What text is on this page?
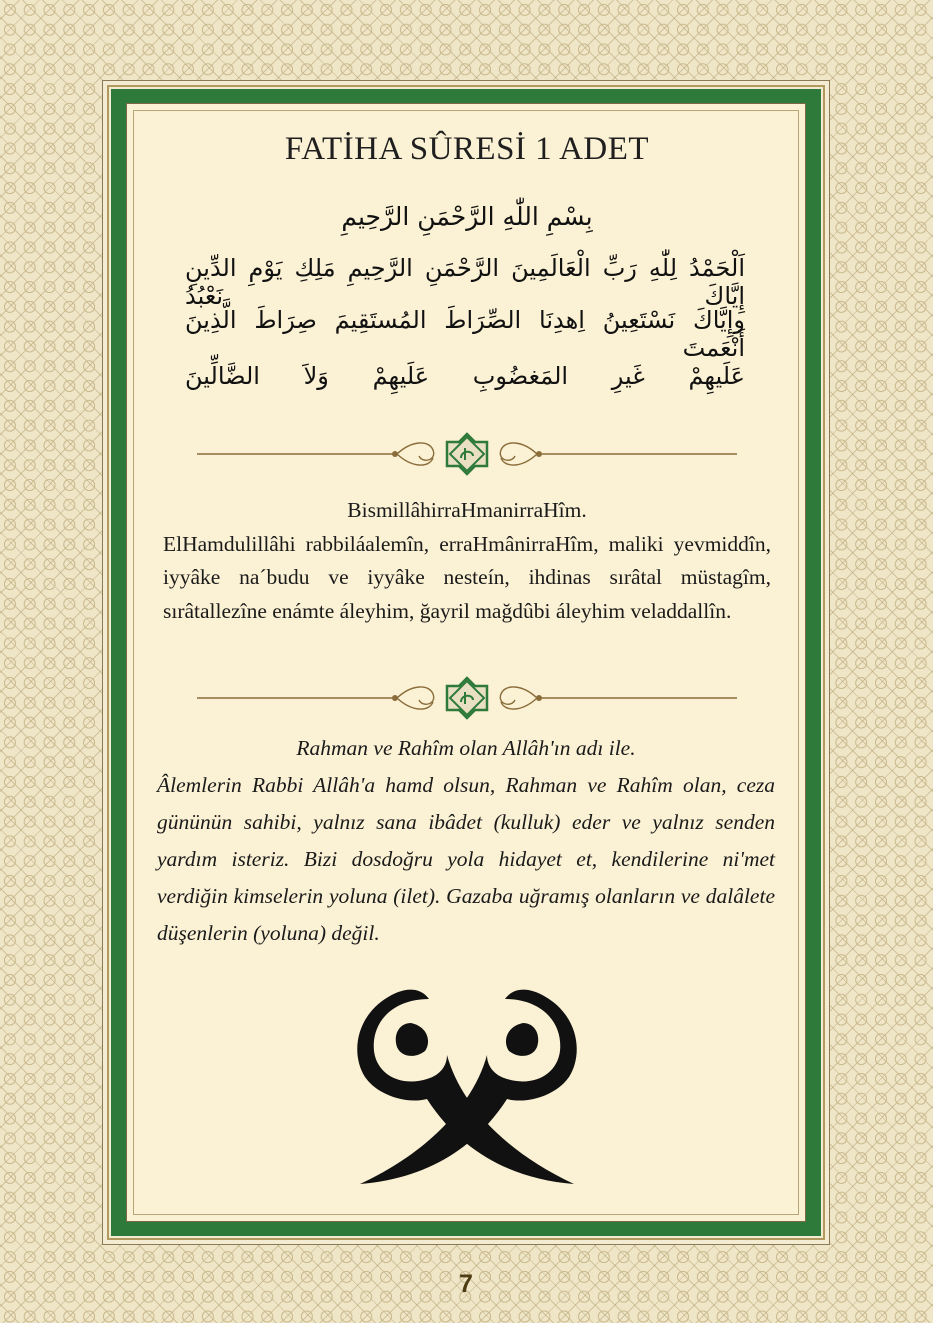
FATİHA SÛRESİ 1 ADET
بِسْمِ اللّٰهِ الرَّحْمَنِ الرَّحِيمِ
اَلْحَمْدُ لِلّٰهِ رَبِّ الْعَالَمِينَ الرَّحْمَنِ الرَّحِيمِ مَلِكِ يَوْمِ الدِّينِ إِيَّاكَ نَعْبُدُ
وإِيَّاكَ نَسْتَعِينُ اِهدِنَا الصِّرَاطَ المُستَقِيمَ صِرَاطَ الَّذِينَ أَنْعَمتَ
عَلَيهِمْ غَيرِ المَغضُوبِ عَلَيهِمْ وَلاَ الضَّالِّينَ
BismillâhirraHmanirraHîm.
ElHamdulillâhi rabbiláalemîn, erraHmânirraHîm, maliki yevmiddîn, iyyâke na´budu ve iyyâke nesteín, ihdinas sırâtal müstagîm, sırâtallezîne enámte áleyhim, ğayril mağdûbi áleyhim veladdallîn.
Rahman ve Rahîm olan Allâh'ın adı ile.
Âlemlerin Rabbi Allâh'a hamd olsun, Rahman ve Rahîm olan, ceza gününün sahibi, yalnız sana ibâdet (kulluk) eder ve yalnız senden yardım isteriz. Bizi dosdoğru yola hidayet et, kendilerine ni'met verdiğin kimselerin yoluna (ilet). Gazaba uğramış olanların ve dalâlete düşenlerin (yoluna) değil.
7
